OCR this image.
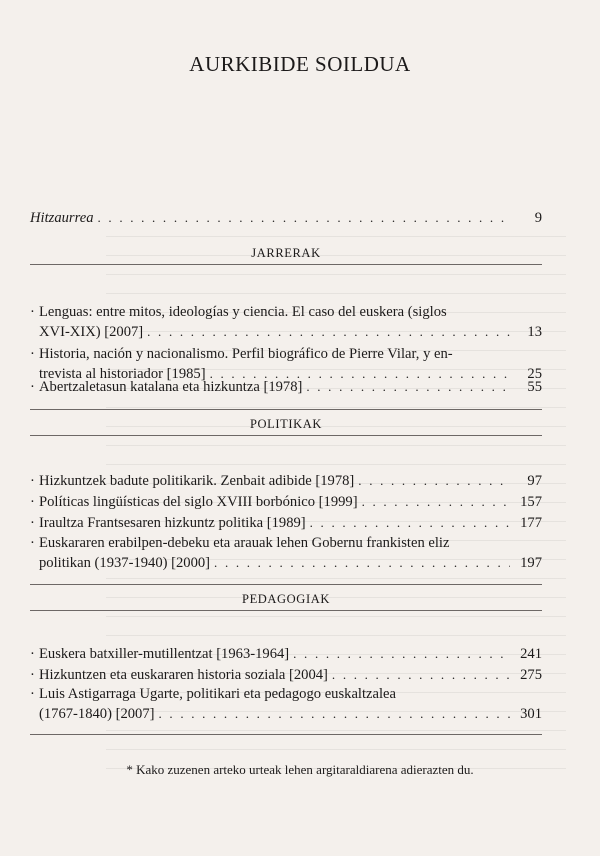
AURKIBIDE SOILDUA
Hitzaurrea . . .	9
JARRERAK
· Lenguas: entre mitos, ideologías y ciencia. El caso del euskera (siglos
XVI-XIX) [2007] . . .	13
· Historia, nación y nacionalismo. Perfil biográfico de Pierre Vilar, y en-
trevista al historiador [1985] . . .	25
· Abertzaletasun katalana eta hizkuntza [1978] . . .	55
POLITIKAK
· Hizkuntzek badute politikarik. Zenbait adibide [1978] . . .	97
· Políticas lingüísticas del siglo XVIII borbónico [1999] . . .	157
· Iraultza Frantsesaren hizkuntz politika [1989] . . .	177
· Euskararen erabilpen-debeku eta arauak lehen Gobernu frankisten eliz
politikan (1937-1940) [2000] . . .	197
PEDAGOGIAK
· Euskera batxiller-mutillentzat [1963-1964] . . .	241
· Hizkuntzen eta euskararen historia soziala [2004] . . .	275
· Luis Astigarraga Ugarte, politikari eta pedagogo euskaltzalea
(1767-1840) [2007] . . .	301
* Kako zuzenen arteko urteak lehen argitaraldiarena adierazten du.
